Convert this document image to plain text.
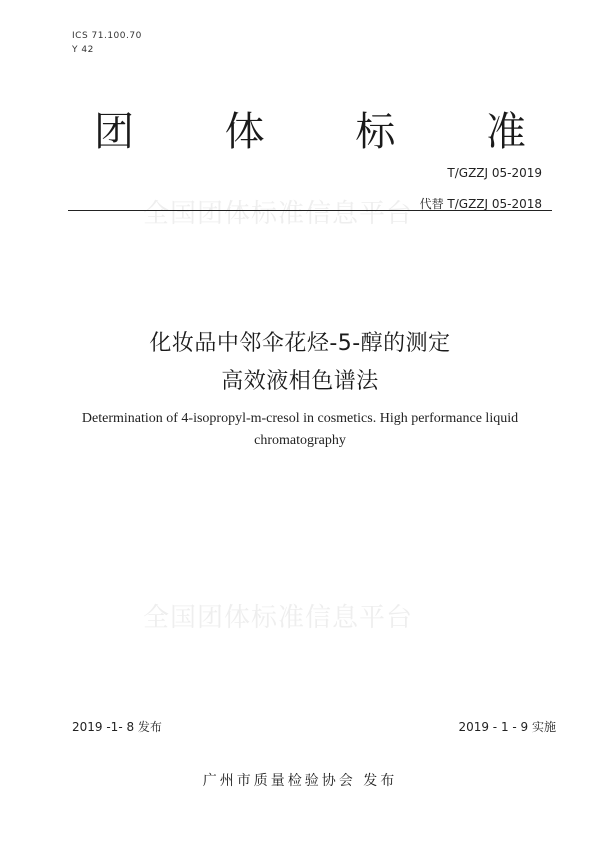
ICS 71.100.70
Y 42
团 体 标 准
T/GZZJ 05-2019
全国团体标准信息平台 代替 T/GZZJ 05-2018
化妆品中邻伞花烃-5-醇的测定
高效液相色谱法
Determination of 4-isopropyl-m-cresol in cosmetics. High performance liquid
chromatography
全国团体标准信息平台
2019 -1- 8 发布	2019 - 1 - 9 实施
广州市质量检验协会 发布
